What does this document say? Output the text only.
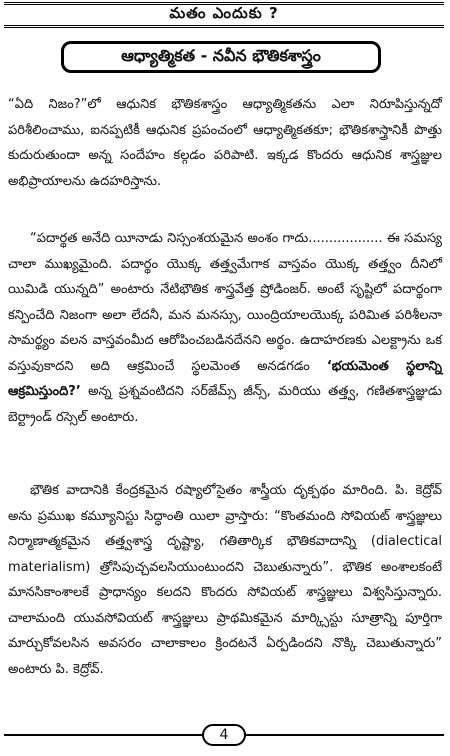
మతం ఎందుకు ?
ఆధ్యాత్మికత - నవీన భౌతికశాస్త్రం

“ఏది నిజం?”లో ఆధునిక భౌతికశాస్త్రం ఆధ్యాత్మికతను ఎలా నిరూపిస్తున్నదో పరిశీలించాము, ఐనప్పటికీ ఆధునిక ప్రపంచంలో ఆధ్యాత్మికతకూ; భౌతికశాస్త్రానికీ పొత్తు కుదురుతుందా అన్న సందేహం కల్గడం పరిపాటి. ఇక్కడ కొందరు ఆధునిక శాస్త్రజ్ఞుల అభిప్రాయాలను ఉదహరిస్తాను.

“పదార్థత అనేది యీనాడు నిస్సంశయమైన అంశం గాదు.................. ఈ సమస్య చాలా ముఖ్యమైంది. పదార్థం యొక్క తత్త్వమేగాక వాస్తవం యొక్క తత్త్వం దీనిలో యిమిడి యున్నది” అంటారు నేటిభౌతిక శాస్త్రవేత్త ష్రోడింజర్. అంటే సృష్టిలో పదార్థంగా కన్పించేది నిజంగా అలా లేదనీ, మన మనస్సు, యింద్రియాలయొక్క పరిమిత పరిశీలనా సామర్థ్యం వలన వాస్తవంమీద ఆరోపించబడినదేనని అర్థం. ఉదాహరణకు ఎలక్ట్రాను ఒక వస్తువుకాదని అది ఆక్రమించే స్థలమెంత అనడగడం ‘భయమెంత స్థలాన్ని ఆక్రమిస్తుంది?’ అన్న ప్రశ్నవంటిదని సర్‌జేమ్స్ జీన్స్, మరియు తత్త్వ, గణితశాస్త్రజ్ఞుడు బెర్ట్రాండ్ రస్సెల్ అంటారు.

భౌతిక వాదానికి కేంద్రకమైన రష్యాలోసైతం శాస్త్రీయ దృక్పథం మారింది. పి. కెద్రోవ్ అను ప్రముఖ కమ్యూనిస్టు సిద్ధాంతి యిలా వ్రాస్తారు: “కొంతమంది సోవియట్ శాస్త్రజ్ఞులు నిర్మాణాత్మకమైన తత్త్వశాస్త్ర దృష్ట్యా, గతితార్కిక భౌతికవాదాన్ని (dialectical materialism) త్రోసిపుచ్చవలసియుంటుందని చెబుతున్నారు”. భౌతిక అంశాలకంటే మానసికాంశాలకే ప్రాధాన్యం కలదని కొందరు సోవియట్ శాస్త్రజ్ఞులు విశ్వసిస్తున్నారు. చాలామంది యువసోవియట్ శాస్త్రజ్ఞులు ప్రాథమికమైన మార్క్సిస్టు సూత్రాన్ని పూర్తిగా మార్చుకోవలసిన అవసరం చాలాకాలం క్రిందటనే ఏర్పడిందని నొక్కి చెబుతున్నారు” అంటారు పి. కెద్రోవ్.

4
